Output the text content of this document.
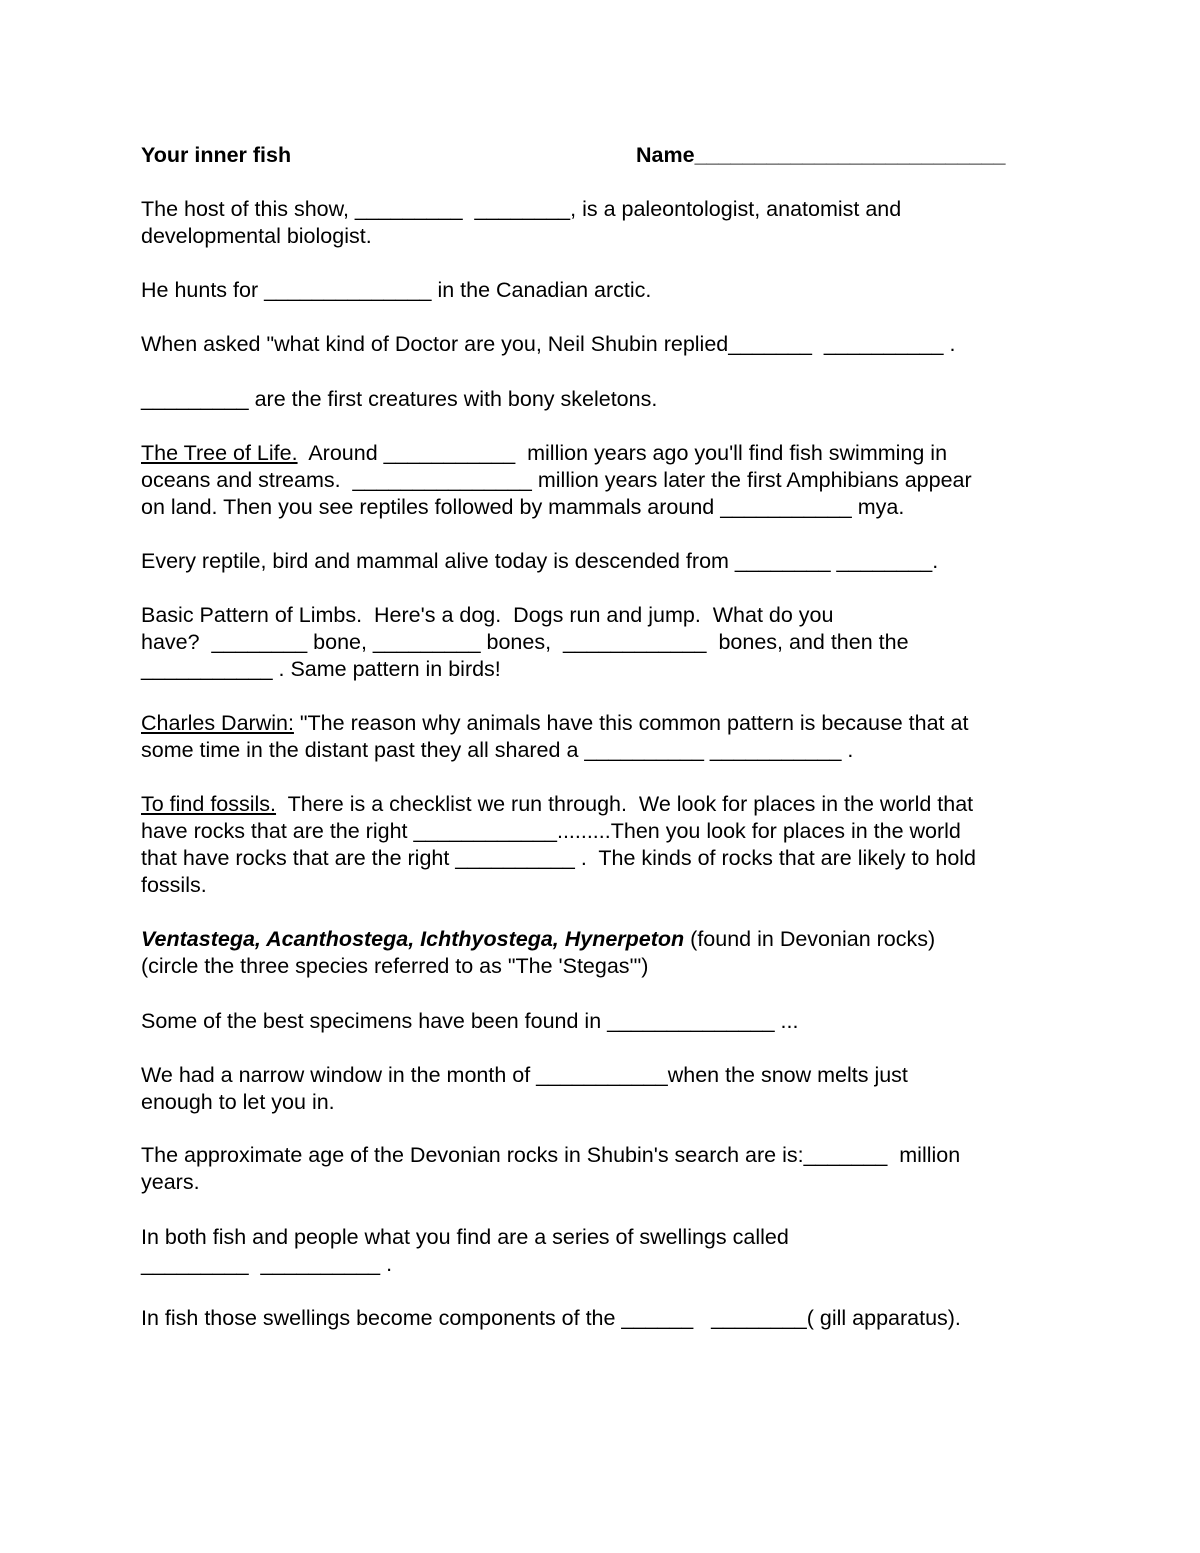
Your inner fish	Name__________________________
The host of this show, _________  ________, is a paleontologist, anatomist and
developmental biologist.
He hunts for ______________ in the Canadian arctic.
When asked "what kind of Doctor are you, Neil Shubin replied_______  __________ .
_________ are the first creatures with bony skeletons.
The Tree of Life.  Around ___________  million years ago you'll find fish swimming in
oceans and streams.  _______________ million years later the first Amphibians appear
on land. Then you see reptiles followed by mammals around ___________ mya.
Every reptile, bird and mammal alive today is descended from ________ ________.
Basic Pattern of Limbs.  Here's a dog.  Dogs run and jump.  What do you
have?  ________ bone, _________ bones,  ____________  bones, and then the
___________ . Same pattern in birds!
Charles Darwin: "The reason why animals have this common pattern is because that at
some time in the distant past they all shared a __________ ___________ .
To find fossils.  There is a checklist we run through.  We look for places in the world that
have rocks that are the right ____________.........Then you look for places in the world
that have rocks that are the right __________ .  The kinds of rocks that are likely to hold
fossils.
Ventastega, Acanthostega, Ichthyostega, Hynerpeton (found in Devonian rocks)
(circle the three species referred to as "The 'Stegas'")
Some of the best specimens have been found in ______________ ...
We had a narrow window in the month of ___________when the snow melts just
enough to let you in.
The approximate age of the Devonian rocks in Shubin's search are is:_______  million
years.
In both fish and people what you find are a series of swellings called
_________  __________ .
In fish those swellings become components of the ______   ________( gill apparatus).
